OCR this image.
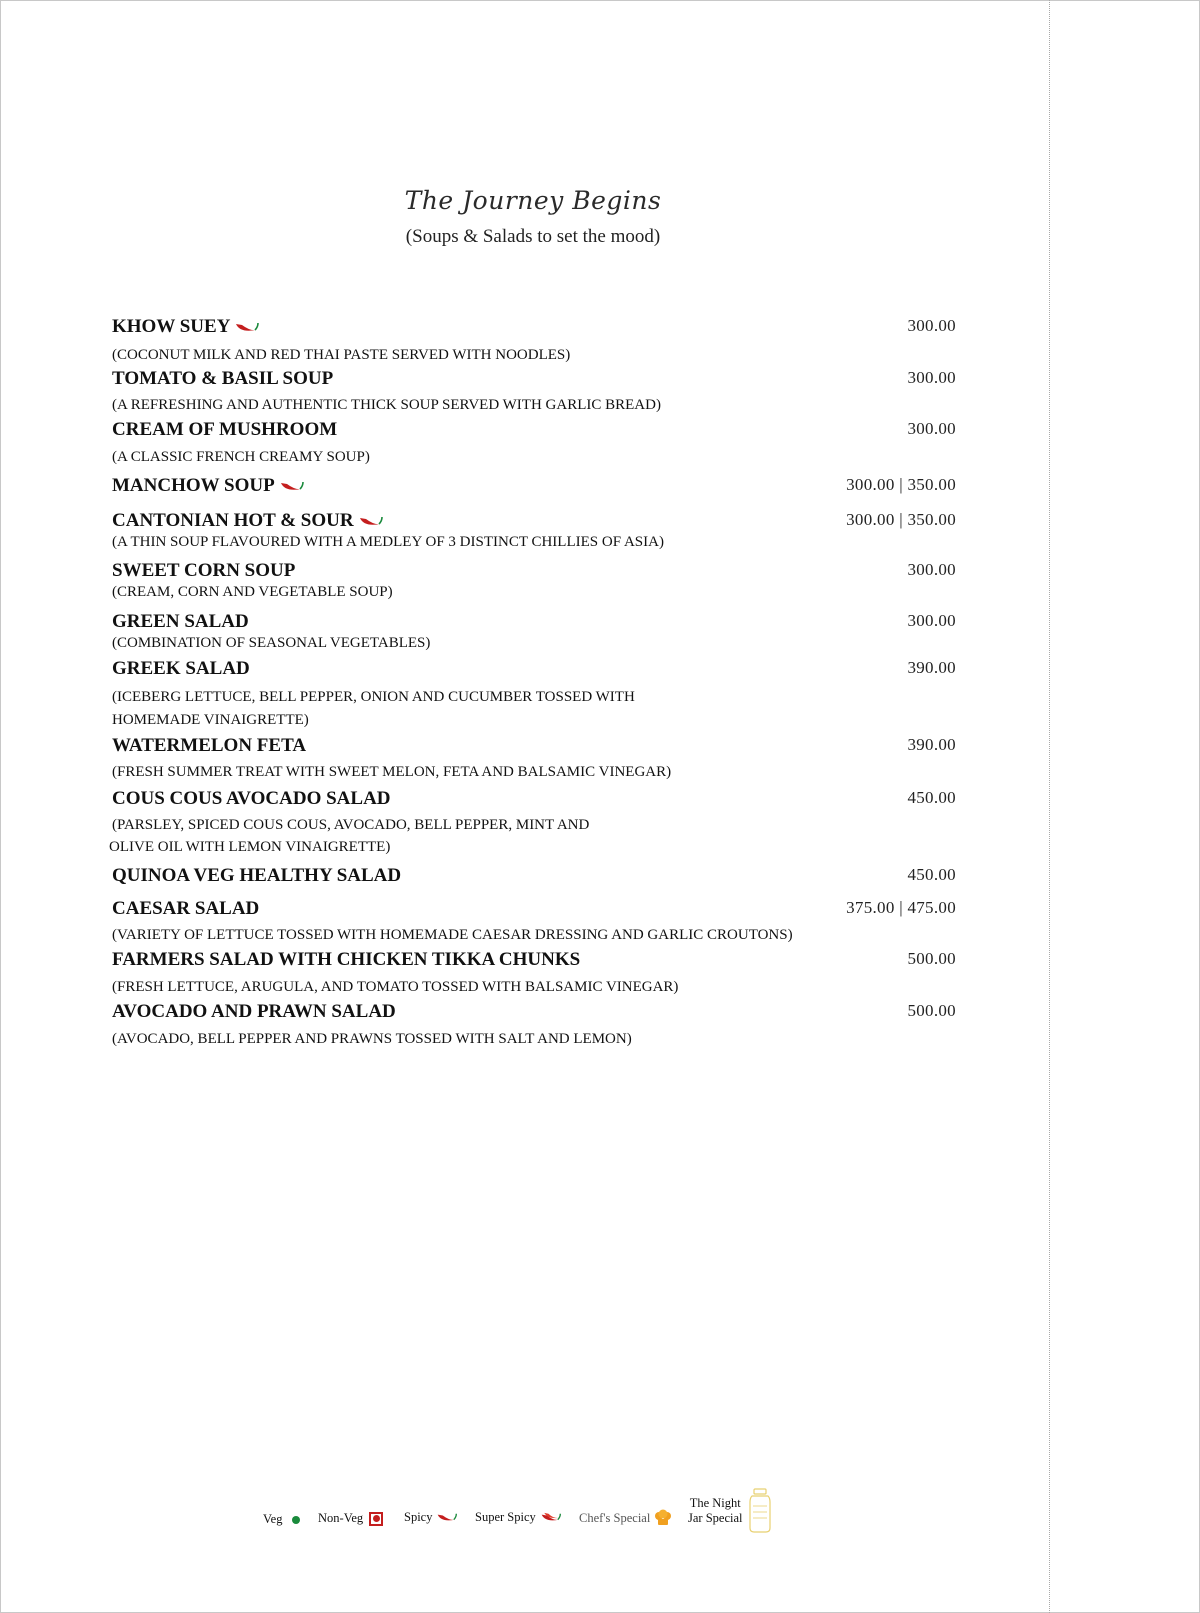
The Journey Begins
(Soups & Salads to set the mood)
KHOW SUEY	300.00
(COCONUT MILK AND RED THAI PASTE SERVED WITH NOODLES)
TOMATO & BASIL SOUP	300.00
(A REFRESHING AND AUTHENTIC THICK SOUP SERVED WITH GARLIC BREAD)
CREAM OF MUSHROOM	300.00
(A CLASSIC FRENCH CREAMY SOUP)
MANCHOW SOUP	300.00 | 350.00
CANTONIAN HOT & SOUR	300.00 | 350.00
(A THIN SOUP FLAVOURED WITH A MEDLEY OF 3 DISTINCT CHILLIES OF ASIA)
SWEET CORN SOUP	300.00
(CREAM, CORN AND VEGETABLE SOUP)
GREEN SALAD	300.00
(COMBINATION OF SEASONAL VEGETABLES)
GREEK SALAD	390.00
(ICEBERG LETTUCE, BELL PEPPER, ONION AND CUCUMBER TOSSED WITH
HOMEMADE VINAIGRETTE)
WATERMELON FETA	390.00
(FRESH SUMMER TREAT WITH SWEET MELON, FETA AND BALSAMIC VINEGAR)
COUS COUS AVOCADO SALAD	450.00
(PARSLEY, SPICED COUS COUS, AVOCADO, BELL PEPPER, MINT AND
OLIVE OIL WITH LEMON VINAIGRETTE)
QUINOA VEG HEALTHY SALAD	450.00
CAESAR SALAD	375.00 | 475.00
(VARIETY OF LETTUCE TOSSED WITH HOMEMADE CAESAR DRESSING AND GARLIC CROUTONS)
FARMERS SALAD WITH CHICKEN TIKKA CHUNKS	500.00
(FRESH LETTUCE, ARUGULA, AND TOMATO TOSSED WITH BALSAMIC VINEGAR)
AVOCADO AND PRAWN SALAD	500.00
(AVOCADO, BELL PEPPER AND PRAWNS TOSSED WITH SALT AND LEMON)
Veg	Non-Veg	Spicy	Super Spicy	Chef's Special
The Night
Jar Special
